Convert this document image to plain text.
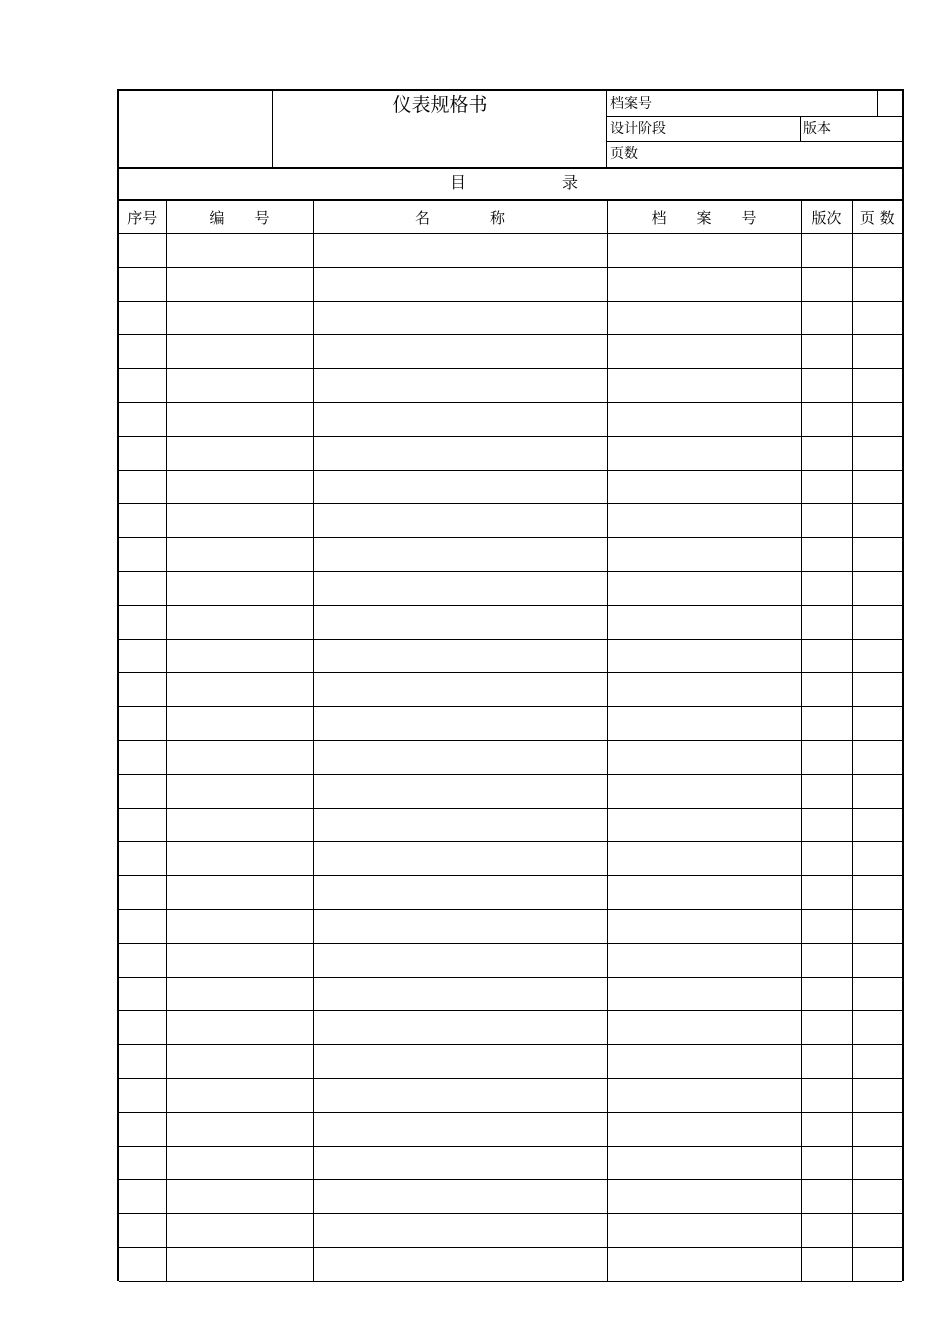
仪表规格书	档案号
设计阶段	版本
页数
目　　　　　　录
序号	编　　号	名　　　　称	档　　案　　号	版次	页 数
